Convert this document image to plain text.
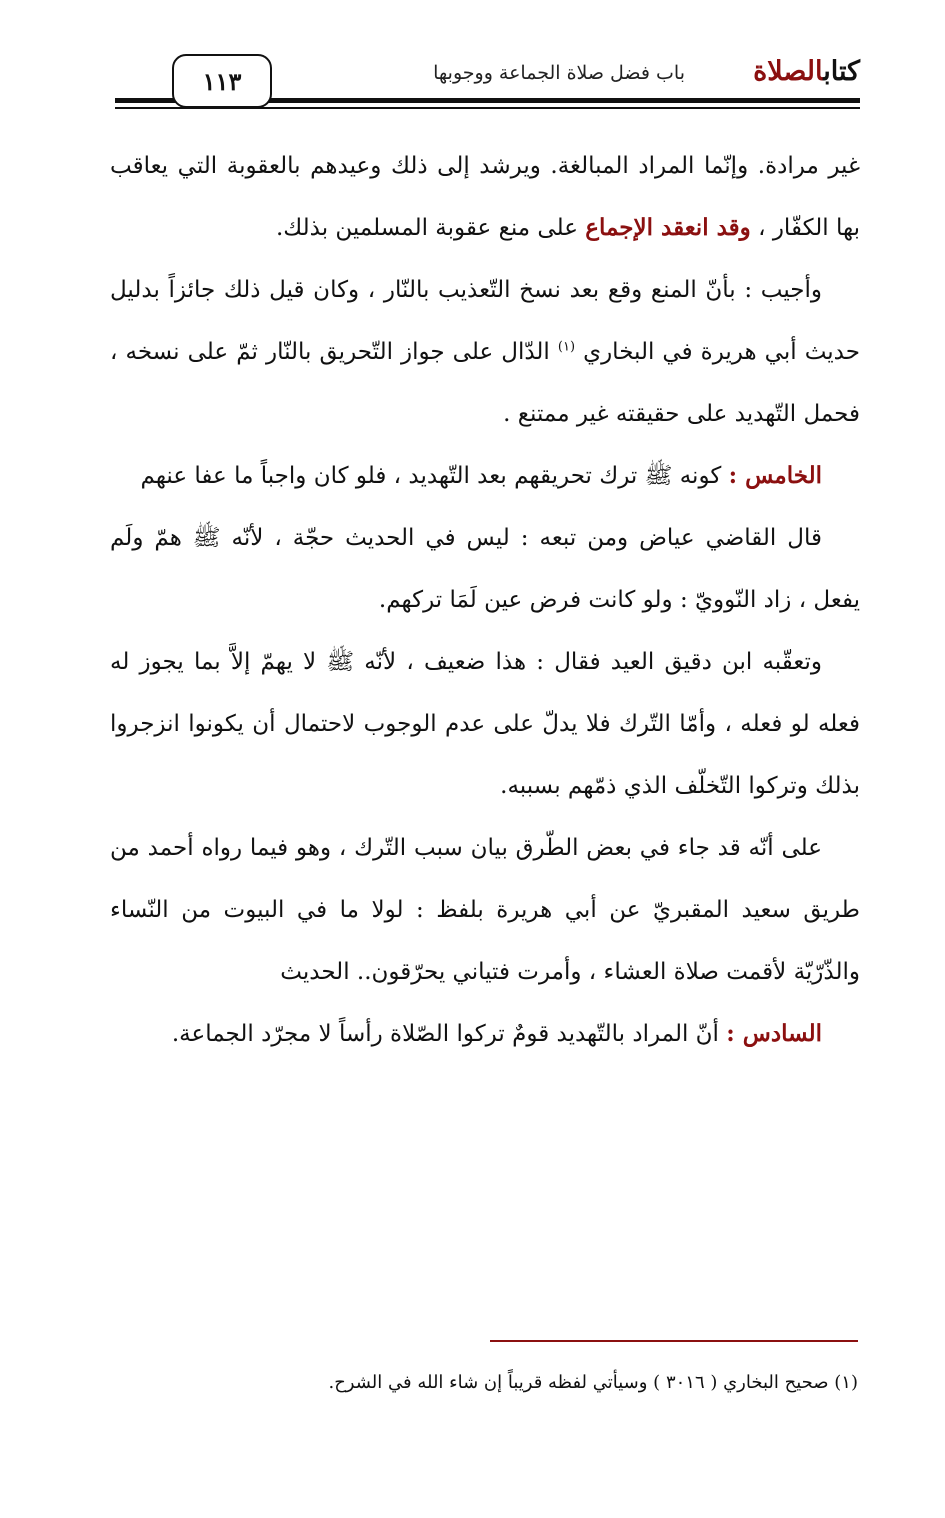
كتابالصلاة
باب فضل صلاة الجماعة ووجوبها
١١٣

غير مرادة. وإنّما المراد المبالغة. ويرشد إلى ذلك وعيدهم بالعقوبة التي يعاقب بها الكفّار ، وقد انعقد الإجماع على منع عقوبة المسلمين بذلك.

وأجيب : بأنّ المنع وقع بعد نسخ التّعذيب بالنّار ، وكان قيل ذلك جائزاً بدليل حديث أبي هريرة في البخاري $^{(١)}$ الدّال على جواز التّحريق بالنّار ثمّ على نسخه ، فحمل التّهديد على حقيقته غير ممتنع .

الخامس : كونه ﷺ ترك تحريقهم بعد التّهديد ، فلو كان واجباً ما عفا عنهم

قال القاضي عياض ومن تبعه : ليس في الحديث حجّة ، لأنّه ﷺ همّ ولَم يفعل ، زاد النّوويّ : ولو كانت فرض عين لَمَا تركهم.

وتعقّبه ابن دقيق العيد فقال : هذا ضعيف ، لأنّه ﷺ لا يهمّ إلاَّ بما يجوز له فعله لو فعله ، وأمّا التّرك فلا يدلّ على عدم الوجوب لاحتمال أن يكونوا انزجروا بذلك وتركوا التّخلّف الذي ذمّهم بسببه.

على أنّه قد جاء في بعض الطّرق بيان سبب التّرك ، وهو فيما رواه أحمد من طريق سعيد المقبريّ عن أبي هريرة بلفظ : لولا ما في البيوت من النّساء والذّرّيّة لأقمت صلاة العشاء ، وأمرت فتياني يحرّقون.. الحديث

السادس : أنّ المراد بالتّهديد قومٌ تركوا الصّلاة رأساً لا مجرّد الجماعة.

(١) صحيح البخاري ( ٣٠١٦ ) وسيأتي لفظه قريباً إن شاء الله في الشرح.
